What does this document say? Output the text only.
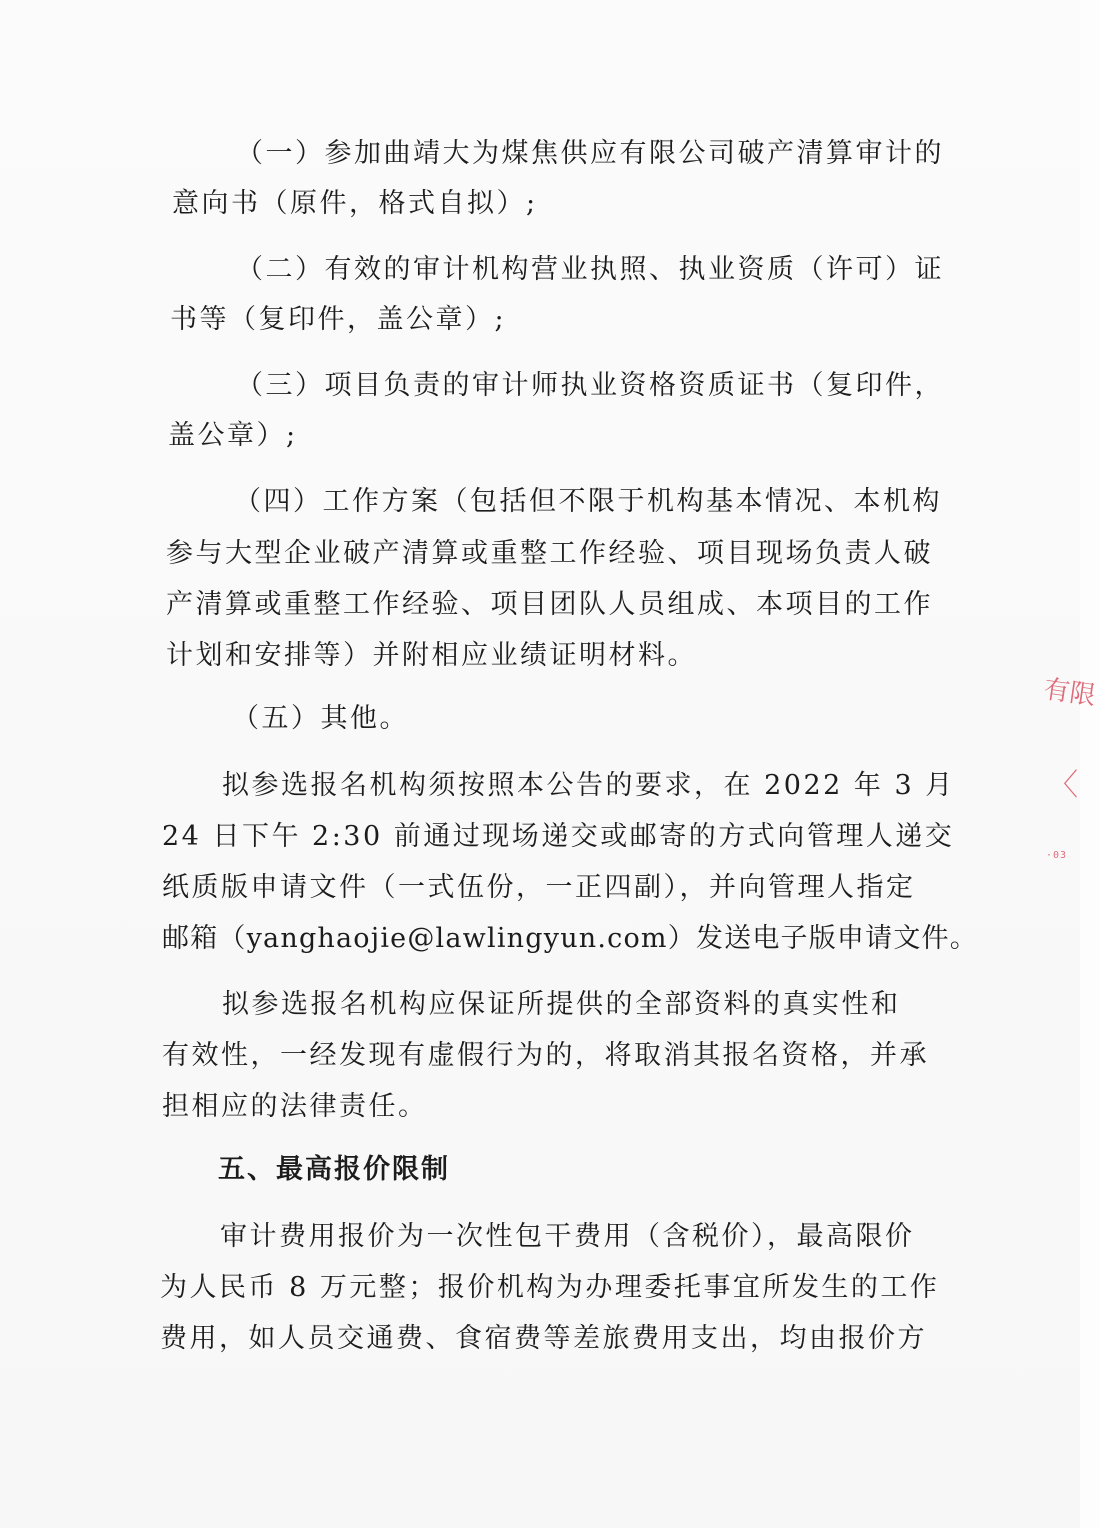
（一）参加曲靖大为煤焦供应有限公司破产清算审计的
意向书（原件，格式自拟）;
（二）有效的审计机构营业执照、执业资质（许可）证
书等（复印件，盖公章）;
（三）项目负责的审计师执业资格资质证书（复印件，
盖公章）;
（四）工作方案（包括但不限于机构基本情况、本机构
参与大型企业破产清算或重整工作经验、项目现场负责人破
产清算或重整工作经验、项目团队人员组成、本项目的工作
计划和安排等）并附相应业绩证明材料。
（五）其他。
拟参选报名机构须按照本公告的要求，在 2022 年 3 月
24 日下午 2:30 前通过现场递交或邮寄的方式向管理人递交
纸质版申请文件（一式伍份，一正四副），并向管理人指定
邮箱（yanghaojie@lawlingyun.com）发送电子版申请文件。
拟参选报名机构应保证所提供的全部资料的真实性和
有效性，一经发现有虚假行为的，将取消其报名资格，并承
担相应的法律责任。
五、最高报价限制
审计费用报价为一次性包干费用（含税价），最高限价
为人民币 8 万元整；报价机构为办理委托事宜所发生的工作
费用，如人员交通费、食宿费等差旅费用支出，均由报价方
有限
〈
·03
